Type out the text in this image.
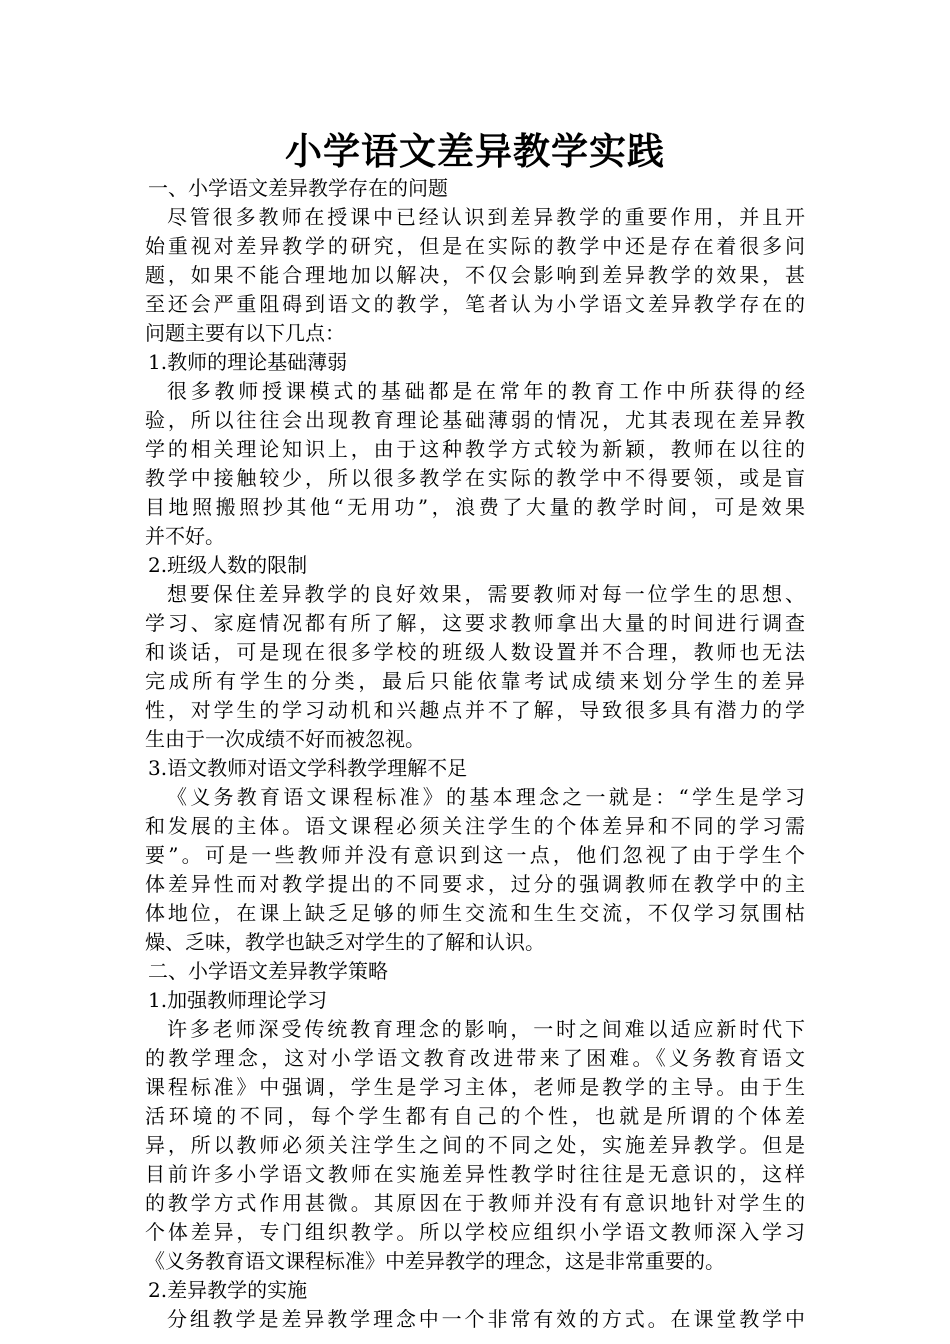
小学语文差异教学实践
一、小学语文差异教学存在的问题
尽管很多教师在授课中已经认识到差异教学的重要作用，并且开
始重视对差异教学的研究，但是在实际的教学中还是存在着很多问
题，如果不能合理地加以解决，不仅会影响到差异教学的效果，甚
至还会严重阻碍到语文的教学，笔者认为小学语文差异教学存在的
问题主要有以下几点：
1.教师的理论基础薄弱
很多教师授课模式的基础都是在常年的教育工作中所获得的经
验，所以往往会出现教育理论基础薄弱的情况，尤其表现在差异教
学的相关理论知识上，由于这种教学方式较为新颖，教师在以往的
教学中接触较少，所以很多教学在实际的教学中不得要领，或是盲
目地照搬照抄其他“无用功”，浪费了大量的教学时间，可是效果
并不好。
2.班级人数的限制
想要保住差异教学的良好效果，需要教师对每一位学生的思想、
学习、家庭情况都有所了解，这要求教师拿出大量的时间进行调查
和谈话，可是现在很多学校的班级人数设置并不合理，教师也无法
完成所有学生的分类，最后只能依靠考试成绩来划分学生的差异
性，对学生的学习动机和兴趣点并不了解，导致很多具有潜力的学
生由于一次成绩不好而被忽视。
3.语文教师对语文学科教学理解不足
《义务教育语文课程标准》的基本理念之一就是：“学生是学习
和发展的主体。语文课程必须关注学生的个体差异和不同的学习需
要”。可是一些教师并没有意识到这一点，他们忽视了由于学生个
体差异性而对教学提出的不同要求，过分的强调教师在教学中的主
体地位，在课上缺乏足够的师生交流和生生交流，不仅学习氛围枯
燥、乏味，教学也缺乏对学生的了解和认识。
二、小学语文差异教学策略
1.加强教师理论学习
许多老师深受传统教育理念的影响，一时之间难以适应新时代下
的教学理念，这对小学语文教育改进带来了困难。《义务教育语文
课程标准》中强调，学生是学习主体，老师是教学的主导。由于生
活环境的不同，每个学生都有自己的个性，也就是所谓的个体差
异，所以教师必须关注学生之间的不同之处，实施差异教学。但是
目前许多小学语文教师在实施差异性教学时往往是无意识的，这样
的教学方式作用甚微。其原因在于教师并没有有意识地针对学生的
个体差异，专门组织教学。所以学校应组织小学语文教师深入学习
《义务教育语文课程标准》中差异教学的理念，这是非常重要的。
2.差异教学的实施
分组教学是差异教学理念中一个非常有效的方式。在课堂教学中
